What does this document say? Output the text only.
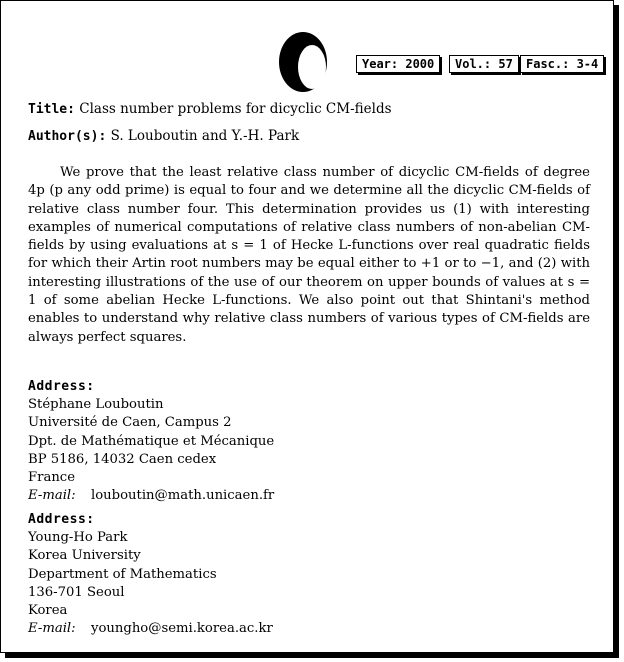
Year: 2000	Vol.: 57	Fasc.: 3-4
Title: Class number problems for dicyclic CM-fields
Author(s): S. Louboutin and Y.-H. Park

We prove that the least relative class number of dicyclic CM-fields of degree 4p (p any odd prime) is equal to four and we determine all the dicyclic CM-fields of relative class number four. This determination provides us (1) with interesting examples of numerical computations of relative class numbers of non-abelian CM-fields by using evaluations at s = 1 of Hecke L-functions over real quadratic fields for which their Artin root numbers may be equal either to +1 or to −1, and (2) with interesting illustrations of the use of our theorem on upper bounds of values at s = 1 of some abelian Hecke L-functions. We also point out that Shintani's method enables to understand why relative class numbers of various types of CM-fields are always perfect squares.

Address:
Stéphane Louboutin
Université de Caen, Campus 2
Dpt. de Mathématique et Mécanique
BP 5186, 14032 Caen cedex
France
E-mail: louboutin@math.unicaen.fr
Address:
Young-Ho Park
Korea University
Department of Mathematics
136-701 Seoul
Korea
E-mail: youngho@semi.korea.ac.kr
